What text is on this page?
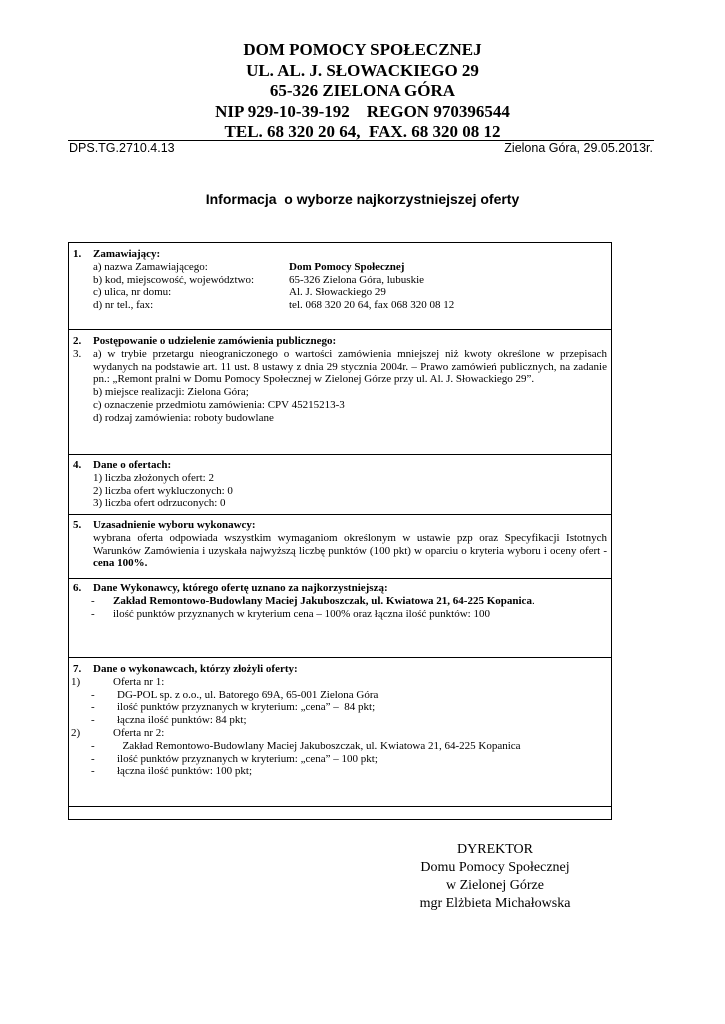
DOM POMOCY SPOŁECZNEJ
UL. AL. J. SŁOWACKIEGO 29
65-326 ZIELONA GÓRA
NIP 929-10-39-192    REGON 970396544
TEL. 68 320 20 64,  FAX. 68 320 08 12
DPS.TG.2710.4.13	Zielona Góra, 29.05.2013r.
Informacja  o wyborze najkorzystniejszej oferty
1. Zamawiający:
a) nazwa Zamawiającego:	Dom Pomocy Społecznej
b) kod, miejscowość, województwo:	65-326 Zielona Góra, lubuskie
c) ulica, nr domu:	Al. J. Słowackiego 29
d) nr tel., fax:	tel. 068 320 20 64, fax 068 320 08 12
2.
3.
Postępowanie o udzielenie zamówienia publicznego:
a) w trybie przetargu nieograniczonego o wartości zamówienia mniejszej niż kwoty określone w przepisach wydanych na podstawie art. 11 ust. 8 ustawy z dnia 29 stycznia 2004r. – Prawo zamówień publicznych, na zadanie pn.: „Remont pralni w Domu Pomocy Społecznej w Zielonej Górze przy ul. Al. J. Słowackiego 29”.
b) miejsce realizacji: Zielona Góra;
c) oznaczenie przedmiotu zamówienia: CPV 45215213-3
d) rodzaj zamówienia: roboty budowlane
4. Dane o ofertach:
1) liczba złożonych ofert: 2
2) liczba ofert wykluczonych: 0
3) liczba ofert odrzuconych: 0
5. Uzasadnienie wyboru wykonawcy:
wybrana oferta odpowiada wszystkim wymaganiom określonym w ustawie pzp oraz Specyfikacji Istotnych Warunków Zamówienia i uzyskała najwyższą liczbę punktów (100 pkt) w oparciu o kryteria wyboru i oceny ofert - cena 100%.
6. Dane Wykonawcy, którego ofertę uznano za najkorzystniejszą:
- Zakład Remontowo-Budowlany Maciej Jakuboszczak, ul. Kwiatowa 21, 64-225 Kopanica.
- ilość punktów przyznanych w kryterium cena – 100% oraz łączna ilość punktów: 100
7. Dane o wykonawcach, którzy złożyli oferty:
1)	Oferta nr 1:
- DG-POL sp. z o.o., ul. Batorego 69A, 65-001 Zielona Góra
- ilość punktów przyznanych w kryterium: „cena” –  84 pkt;
- łączna ilość punktów: 84 pkt;
2)	Oferta nr 2:
- Zakład Remontowo-Budowlany Maciej Jakuboszczak, ul. Kwiatowa 21, 64-225 Kopanica
- ilość punktów przyznanych w kryterium: „cena” – 100 pkt;
- łączna ilość punktów: 100 pkt;
DYREKTOR
Domu Pomocy Społecznej
w Zielonej Górze
mgr Elżbieta Michałowska
